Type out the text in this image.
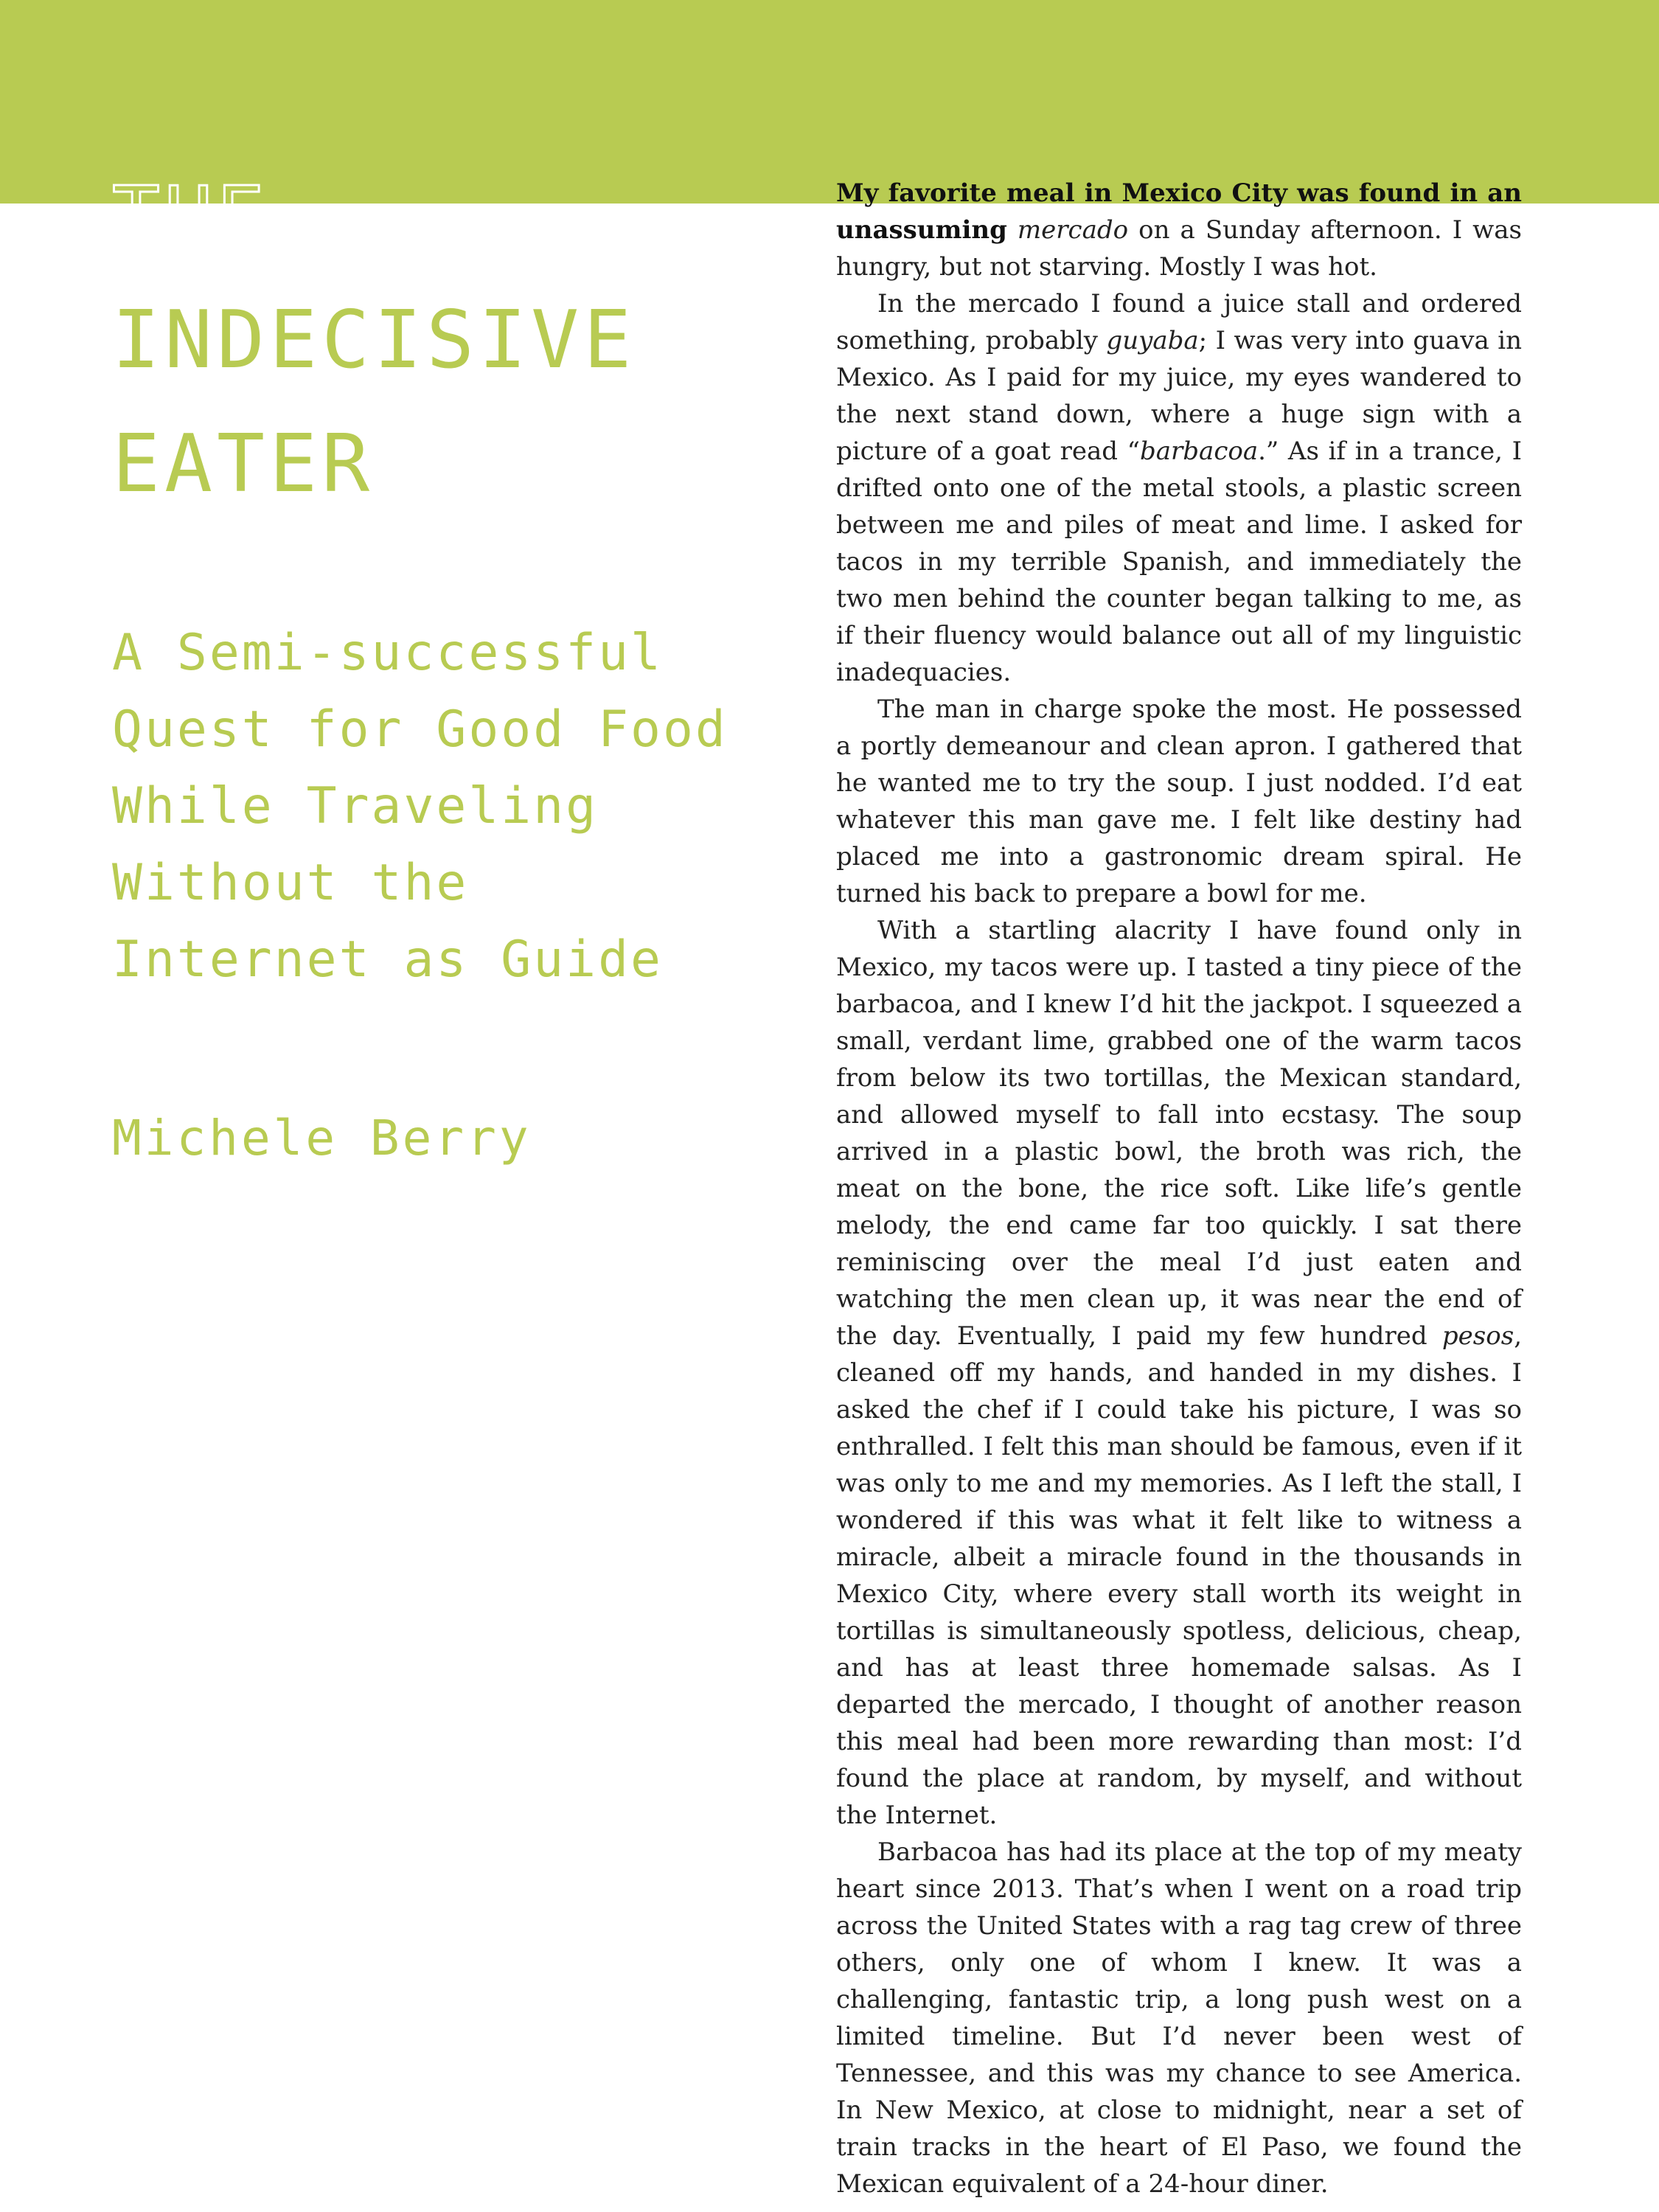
THE
INDECISIVE
EATER
A Semi-successful
Quest for Good Food
While Traveling
Without the
Internet as Guide
Michele Berry

My favorite meal in Mexico City was found in an unassuming mercado on a Sunday afternoon. I was hungry, but not starving. Mostly I was hot.

In the mercado I found a juice stall and ordered something, probably guyaba; I was very into guava in Mexico. As I paid for my juice, my eyes wandered to the next stand down, where a huge sign with a picture of a goat read “barbacoa.” As if in a trance, I drifted onto one of the metal stools, a plastic screen between me and piles of meat and lime. I asked for tacos in my terrible Spanish, and immediately the two men behind the counter began talking to me, as if their fluency would balance out all of my linguistic inadequacies.

The man in charge spoke the most. He possessed a portly demeanour and clean apron. I gathered that he wanted me to try the soup. I just nodded. I’d eat whatever this man gave me. I felt like destiny had placed me into a gastronomic dream spiral. He turned his back to prepare a bowl for me.

With a startling alacrity I have found only in Mexico, my tacos were up. I tasted a tiny piece of the barbacoa, and I knew I’d hit the jackpot. I squeezed a small, verdant lime, grabbed one of the warm tacos from below its two tortillas, the Mexican standard, and allowed myself to fall into ecstasy. The soup arrived in a plastic bowl, the broth was rich, the meat on the bone, the rice soft. Like life’s gentle melody, the end came far too quickly. I sat there reminiscing over the meal I’d just eaten and watching the men clean up, it was near the end of the day. Eventually, I paid my few hundred pesos, cleaned off my hands, and handed in my dishes. I asked the chef if I could take his picture, I was so enthralled. I felt this man should be famous, even if it was only to me and my memories. As I left the stall, I wondered if this was what it felt like to witness a miracle, albeit a miracle found in the thousands in Mexico City, where every stall worth its weight in tortillas is simultaneously spotless, delicious, cheap, and has at least three homemade salsas. As I departed the mercado, I thought of another reason this meal had been more rewarding than most: I’d found the place at random, by myself, and without the Internet.

Barbacoa has had its place at the top of my meaty heart since 2013. That’s when I went on a road trip across the United States with a rag tag crew of three others, only one of whom I knew. It was a challenging, fantastic trip, a long push west on a limited timeline. But I’d never been west of Tennessee, and this was my chance to see America. In New Mexico, at close to midnight, near a set of train tracks in the heart of El Paso, we found the Mexican equivalent of a 24-hour diner.
